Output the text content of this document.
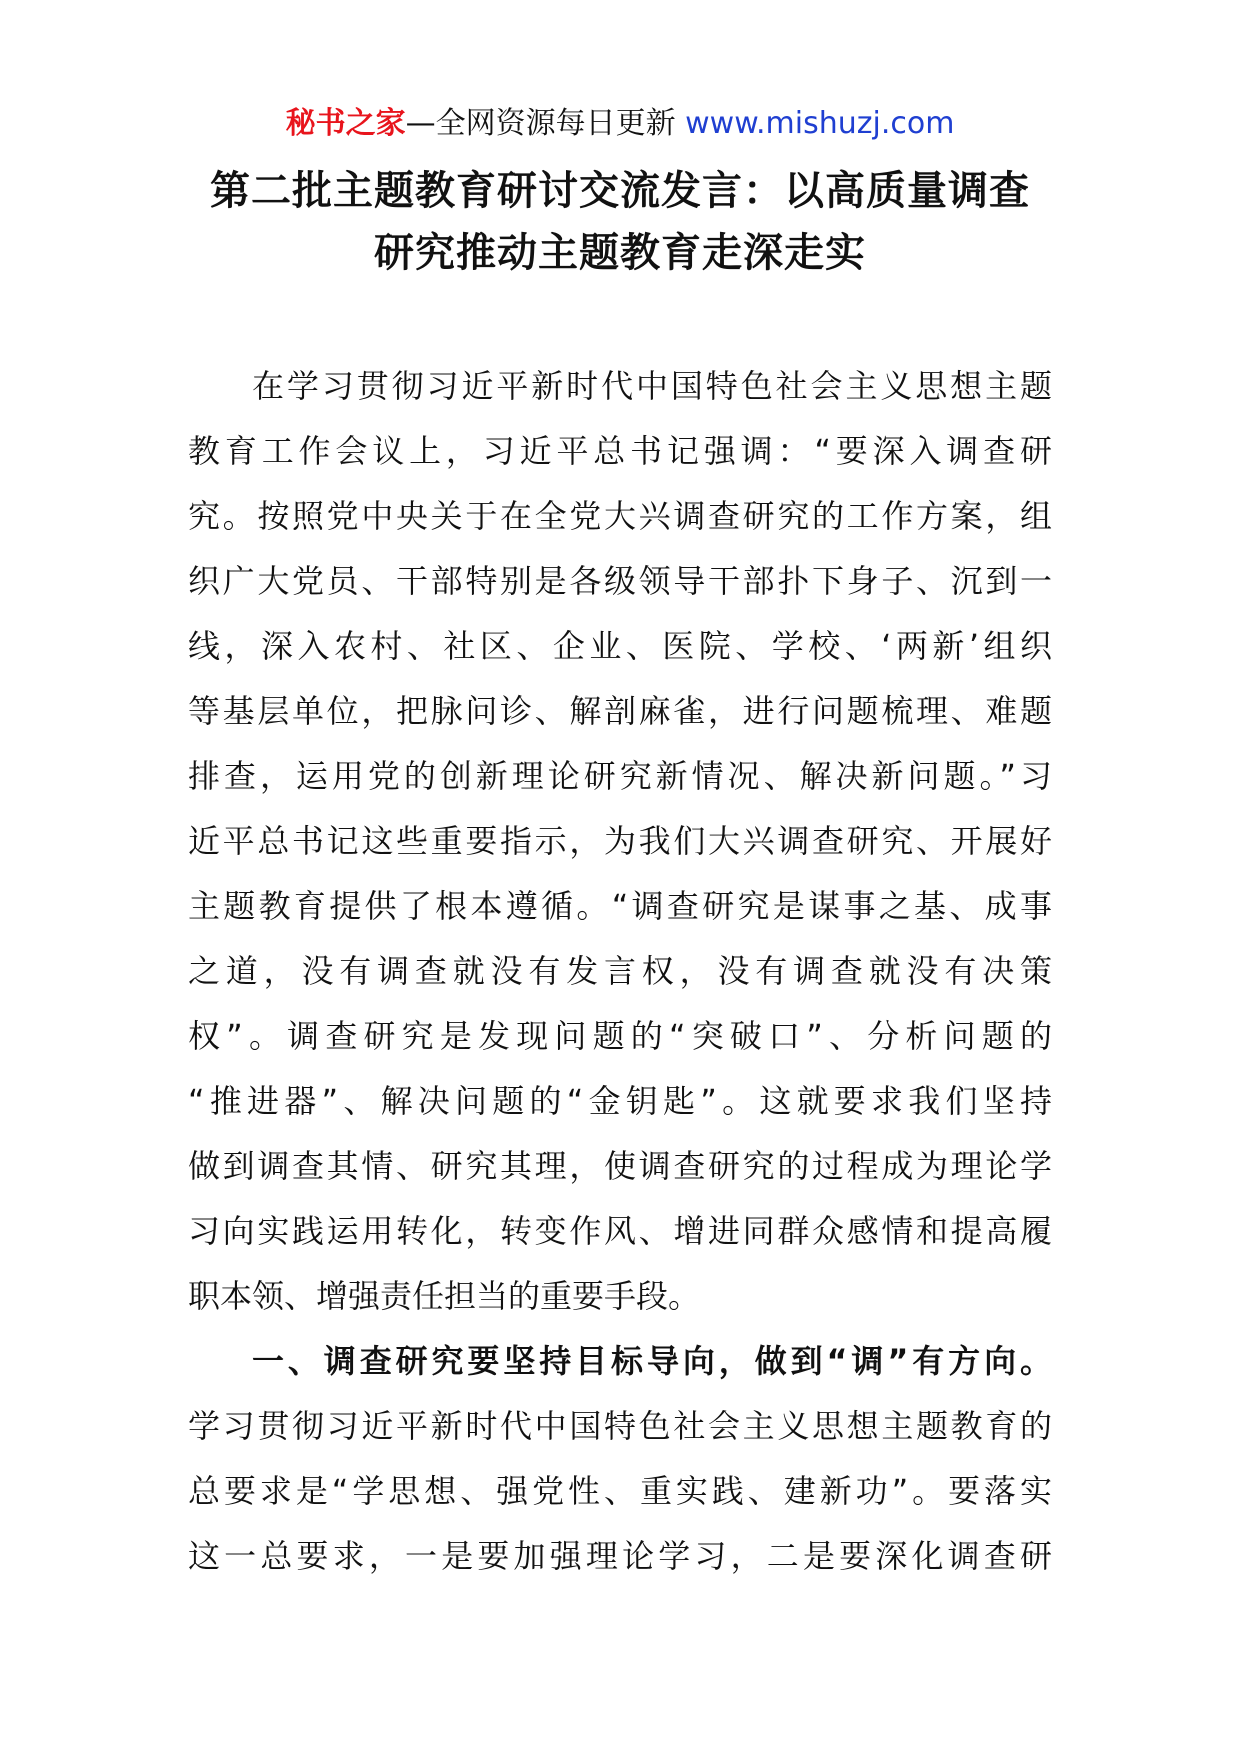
秘书之家—全网资源每日更新 www.mishuzj.com
第二批主题教育研讨交流发言：以高质量调查
研究推动主题教育走深走实
在学习贯彻习近平新时代中国特色社会主义思想主题
教育工作会议上，习近平总书记强调：“要深入调查研
究。按照党中央关于在全党大兴调查研究的工作方案，组
织广大党员、干部特别是各级领导干部扑下身子、沉到一
线，深入农村、社区、企业、医院、学校、‘两新’组织
等基层单位，把脉问诊、解剖麻雀，进行问题梳理、难题
排查，运用党的创新理论研究新情况、解决新问题。”习
近平总书记这些重要指示，为我们大兴调查研究、开展好
主题教育提供了根本遵循。“调查研究是谋事之基、成事
之道，没有调查就没有发言权，没有调查就没有决策
权”。调查研究是发现问题的“突破口”、分析问题的
“推进器”、解决问题的“金钥匙”。这就要求我们坚持
做到调查其情、研究其理，使调查研究的过程成为理论学
习向实践运用转化，转变作风、增进同群众感情和提高履
职本领、增强责任担当的重要手段。
一、调查研究要坚持目标导向，做到“调”有方向。
学习贯彻习近平新时代中国特色社会主义思想主题教育的
总要求是“学思想、强党性、重实践、建新功”。要落实
这一总要求，一是要加强理论学习，二是要深化调查研
